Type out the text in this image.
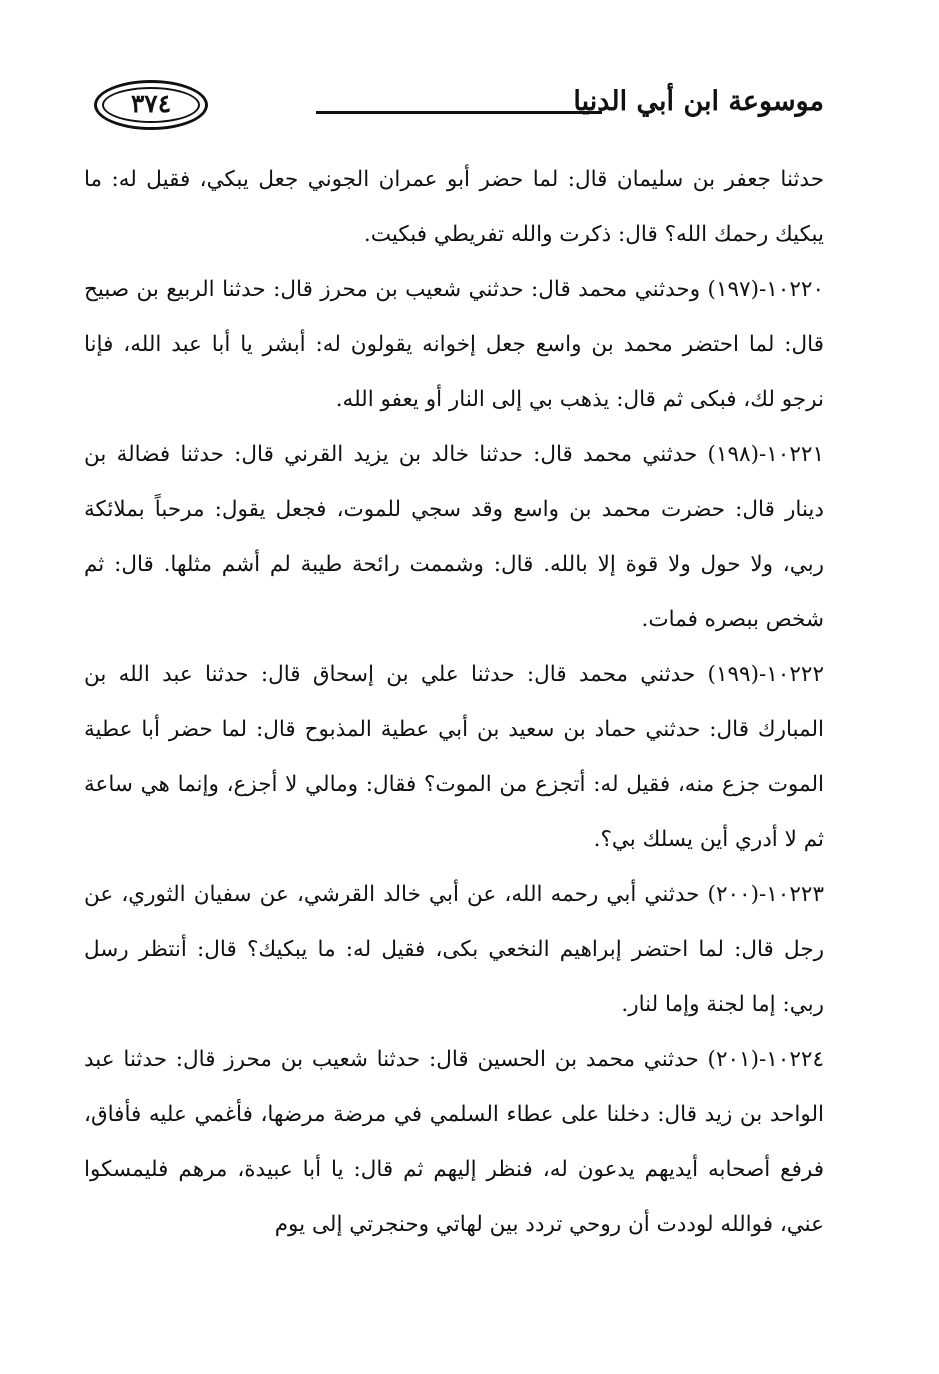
موسوعة ابن أبي الدنيا
٣٧٤

حدثنا جعفر بن سليمان قال: لما حضر أبو عمران الجوني جعل يبكي، فقيل له: ما يبكيك رحمك الله؟ قال: ذكرت والله تفريطي فبكيت.

١٠٢٢٠-(١٩٧) وحدثني محمد قال: حدثني شعيب بن محرز قال: حدثنا الربيع بن صبيح قال: لما احتضر محمد بن واسع جعل إخوانه يقولون له: أبشر يا أبا عبد الله، فإنا نرجو لك، فبكى ثم قال: يذهب بي إلى النار أو يعفو الله.

١٠٢٢١-(١٩٨) حدثني محمد قال: حدثنا خالد بن يزيد القرني قال: حدثنا فضالة بن دينار قال: حضرت محمد بن واسع وقد سجي للموت، فجعل يقول: مرحباً بملائكة ربي، ولا حول ولا قوة إلا بالله. قال: وشممت رائحة طيبة لم أشم مثلها. قال: ثم شخص ببصره فمات.

١٠٢٢٢-(١٩٩) حدثني محمد قال: حدثنا علي بن إسحاق قال: حدثنا عبد الله بن المبارك قال: حدثني حماد بن سعيد بن أبي عطية المذبوح قال: لما حضر أبا عطية الموت جزع منه، فقيل له: أتجزع من الموت؟ فقال: ومالي لا أجزع، وإنما هي ساعة ثم لا أدري أين يسلك بي؟.

١٠٢٢٣-(٢٠٠) حدثني أبي رحمه الله، عن أبي خالد القرشي، عن سفيان الثوري، عن رجل قال: لما احتضر إبراهيم النخعي بكى، فقيل له: ما يبكيك؟ قال: أنتظر رسل ربي: إما لجنة وإما لنار.

١٠٢٢٤-(٢٠١) حدثني محمد بن الحسين قال: حدثنا شعيب بن محرز قال: حدثنا عبد الواحد بن زيد قال: دخلنا على عطاء السلمي في مرضة مرضها، فأغمي عليه فأفاق، فرفع أصحابه أيديهم يدعون له، فنظر إليهم ثم قال: يا أبا عبيدة، مرهم فليمسكوا عني، فوالله لوددت أن روحي تردد بين لهاتي وحنجرتي إلى يوم
